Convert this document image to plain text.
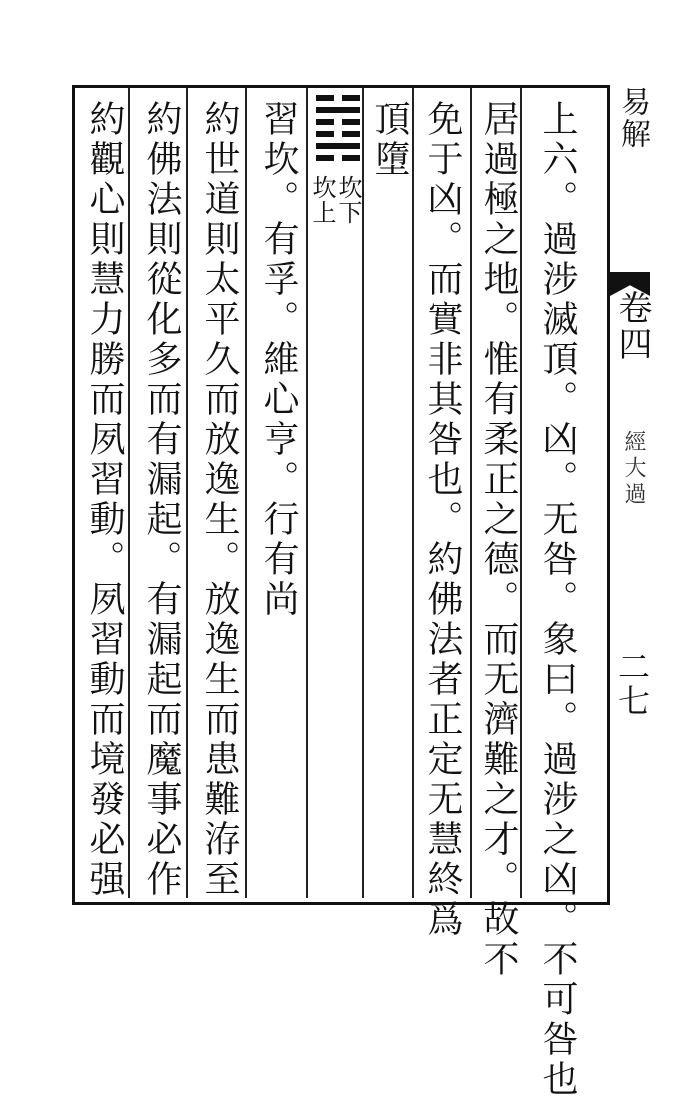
易解
卷四
經大過
二七
上六。過涉滅頂。凶。无咎。象曰。過涉之凶。不可咎也
居過極之地。惟有柔正之德。而无濟難之才。故不
免于凶。而實非其咎也。約佛法者正定无慧終爲
頂墮
坎
下
坎
上
習坎。有孚。維心亨。行有尚
約世道則太平久而放逸生。放逸生而患難洊至
約佛法則從化多而有漏起。有漏起而魔事必作
約觀心則慧力勝而夙習動。夙習動而境發必强
